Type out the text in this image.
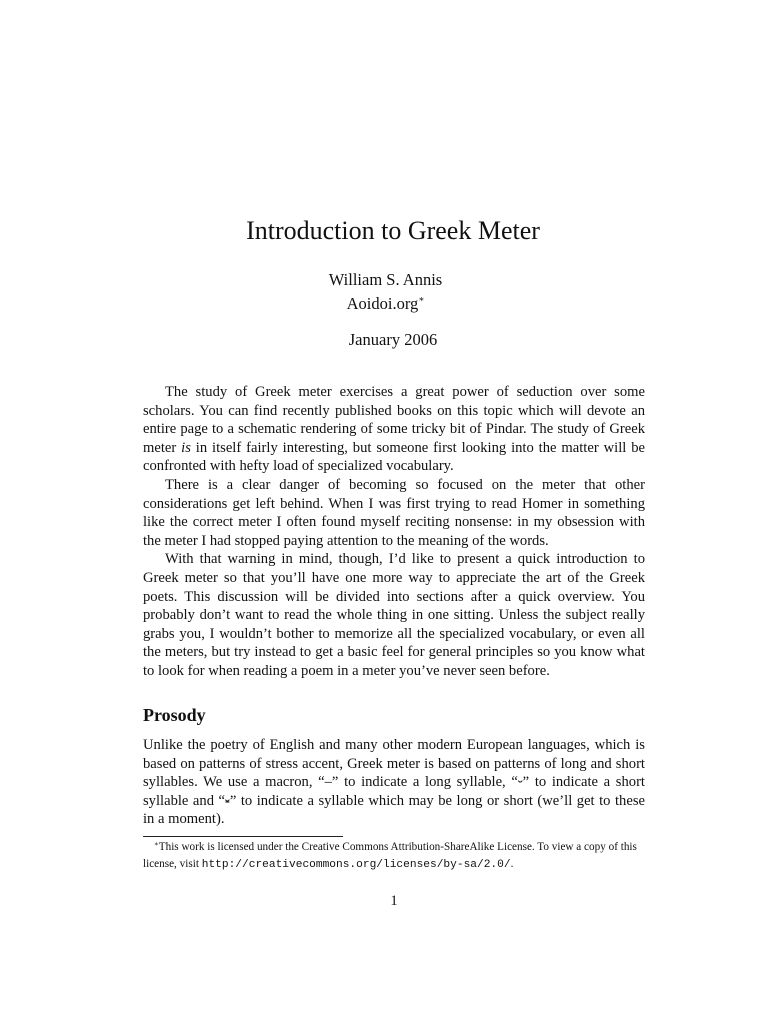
Introduction to Greek Meter
William S. Annis
Aoidoi.org∗
January 2006

The study of Greek meter exercises a great power of seduction over some scholars. You can find recently published books on this topic which will devote an entire page to a schematic rendering of some tricky bit of Pindar. The study of Greek meter is in itself fairly interesting, but someone first looking into the matter will be confronted with hefty load of specialized vocabulary.

There is a clear danger of becoming so focused on the meter that other considerations get left behind. When I was first trying to read Homer in something like the correct meter I often found myself reciting nonsense: in my obsession with the meter I had stopped paying attention to the meaning of the words.

With that warning in mind, though, I’d like to present a quick introduction to Greek meter so that you’ll have one more way to appreciate the art of the Greek poets. This discussion will be divided into sections after a quick overview. You probably don’t want to read the whole thing in one sitting. Unless the subject really grabs you, I wouldn’t bother to memorize all the specialized vocabulary, or even all the meters, but try instead to get a basic feel for general principles so you know what to look for when reading a poem in a meter you’ve never seen before.

Prosody

Unlike the poetry of English and many other modern European languages, which is based on patterns of stress accent, Greek meter is based on patterns of long and short syllables. We use a macron, “–” to indicate a long syllable, “⏑” to indicate a short syllable and “⏓” to indicate a syllable which may be long or short (we’ll get to these in a moment).

∗This work is licensed under the Creative Commons Attribution-ShareAlike License. To view a copy of this license, visit http://creativecommons.org/licenses/by-sa/2.0/.

1
